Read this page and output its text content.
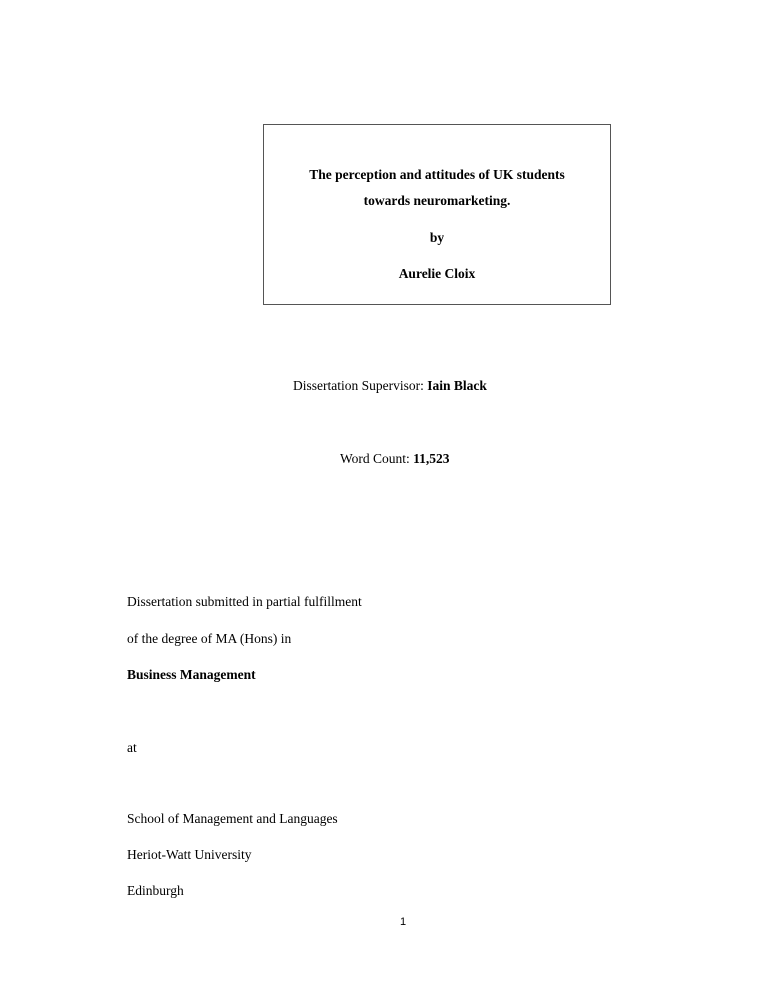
The perception and attitudes of UK students
towards neuromarketing.
by
Aurelie Cloix
Dissertation Supervisor: Iain Black
Word Count: 11,523
Dissertation submitted in partial fulfillment
of the degree of MA (Hons) in
Business Management
at
School of Management and Languages
Heriot-Watt University
Edinburgh
1
